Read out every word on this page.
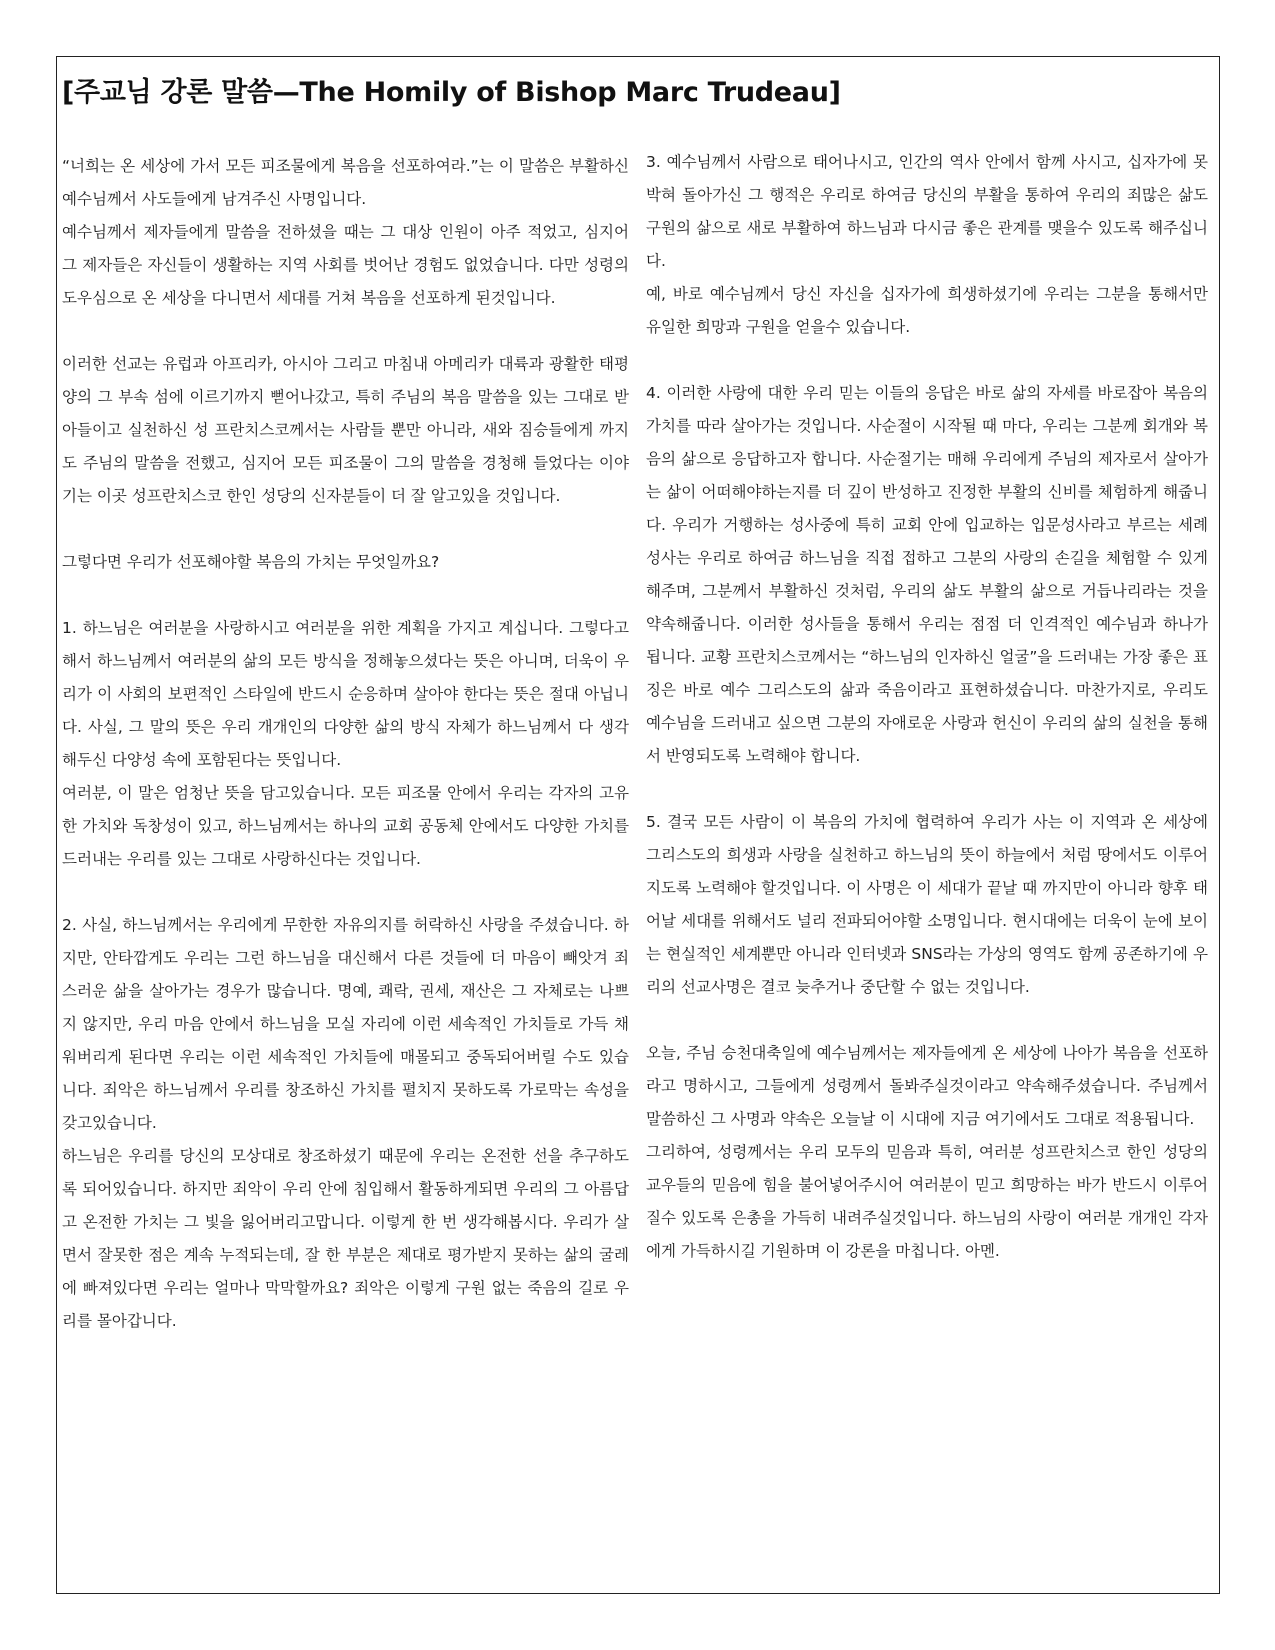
[주교님 강론 말씀—The Homily of Bishop Marc Trudeau]

“너희는 온 세상에 가서 모든 피조물에게 복음을 선포하여라.”는 이 말씀은 부활하신 예수님께서 사도들에게 남겨주신 사명입니다.

예수님께서 제자들에게 말씀을 전하셨을 때는 그 대상 인원이 아주 적었고, 심지어 그 제자들은 자신들이 생활하는 지역 사회를 벗어난 경험도 없었습니다. 다만 성령의 도우심으로 온 세상을 다니면서 세대를 거쳐 복음을 선포하게 된것입니다.

이러한 선교는 유럽과 아프리카, 아시아 그리고 마침내 아메리카 대륙과 광활한 태평양의 그 부속 섬에 이르기까지 뻗어나갔고, 특히 주님의 복음 말씀을 있는 그대로 받아들이고 실천하신 성 프란치스코께서는 사람들 뿐만 아니라, 새와 짐승들에게 까지도 주님의 말씀을 전했고, 심지어 모든 피조물이 그의 말씀을 경청해 들었다는 이야기는 이곳 성프란치스코 한인 성당의 신자분들이 더 잘 알고있을 것입니다.

그렇다면 우리가 선포해야할 복음의 가치는 무엇일까요?

1. 하느님은 여러분을 사랑하시고 여러분을 위한 계획을 가지고 계십니다. 그렇다고해서 하느님께서 여러분의 삶의 모든 방식을 정해놓으셨다는 뜻은 아니며, 더욱이 우리가 이 사회의 보편적인 스타일에 반드시 순응하며 살아야 한다는 뜻은 절대 아닙니다. 사실, 그 말의 뜻은 우리 개개인의 다양한 삶의 방식 자체가 하느님께서 다 생각해두신 다양성 속에 포함된다는 뜻입니다.

여러분, 이 말은 엄청난 뜻을 담고있습니다. 모든 피조물 안에서 우리는 각자의 고유한 가치와 독창성이 있고, 하느님께서는 하나의 교회 공동체 안에서도 다양한 가치를 드러내는 우리를 있는 그대로 사랑하신다는 것입니다.

2. 사실, 하느님께서는 우리에게 무한한 자유의지를 허락하신 사랑을 주셨습니다. 하지만, 안타깝게도 우리는 그런 하느님을 대신해서 다른 것들에 더 마음이 빼앗겨 죄스러운 삶을 살아가는 경우가 많습니다. 명예, 쾌락, 권세, 재산은 그 자체로는 나쁘지 않지만, 우리 마음 안에서 하느님을 모실 자리에 이런 세속적인 가치들로 가득 채워버리게 된다면 우리는 이런 세속적인 가치들에 매몰되고 중독되어버릴 수도 있습니다. 죄악은 하느님께서 우리를 창조하신 가치를 펼치지 못하도록 가로막는 속성을 갖고있습니다.

하느님은 우리를 당신의 모상대로 창조하셨기 때문에 우리는 온전한 선을 추구하도록 되어있습니다. 하지만 죄악이 우리 안에 침입해서 활동하게되면 우리의 그 아름답고 온전한 가치는 그 빛을 잃어버리고맙니다. 이렇게 한 번 생각해봅시다. 우리가 살면서 잘못한 점은 계속 누적되는데, 잘 한 부분은 제대로 평가받지 못하는 삶의 굴레에 빠져있다면 우리는 얼마나 막막할까요? 죄악은 이렇게 구원 없는 죽음의 길로 우리를 몰아갑니다.

3. 예수님께서 사람으로 태어나시고, 인간의 역사 안에서 함께 사시고, 십자가에 못박혀 돌아가신 그 행적은 우리로 하여금 당신의 부활을 통하여 우리의 죄많은 삶도 구원의 삶으로 새로 부활하여 하느님과 다시금 좋은 관계를 맺을수 있도록 해주십니다.

예, 바로 예수님께서 당신 자신을 십자가에 희생하셨기에 우리는 그분을 통해서만 유일한 희망과 구원을 얻을수 있습니다.

4. 이러한 사랑에 대한 우리 믿는 이들의 응답은 바로 삶의 자세를 바로잡아 복음의 가치를 따라 살아가는 것입니다. 사순절이 시작될 때 마다, 우리는 그분께 회개와 복음의 삶으로 응답하고자 합니다. 사순절기는 매해 우리에게 주님의 제자로서 살아가는 삶이 어떠해야하는지를 더 깊이 반성하고 진정한 부활의 신비를 체험하게 해줍니다. 우리가 거행하는 성사중에 특히 교회 안에 입교하는 입문성사라고 부르는 세례성사는 우리로 하여금 하느님을 직접 접하고 그분의 사랑의 손길을 체험할 수 있게 해주며, 그분께서 부활하신 것처럼, 우리의 삶도 부활의 삶으로 거듭나리라는 것을 약속해줍니다. 이러한 성사들을 통해서 우리는 점점 더 인격적인 예수님과 하나가 됩니다. 교황 프란치스코께서는 “하느님의 인자하신 얼굴”을 드러내는 가장 좋은 표징은 바로 예수 그리스도의 삶과 죽음이라고 표현하셨습니다. 마찬가지로, 우리도 예수님을 드러내고 싶으면 그분의 자애로운 사랑과 헌신이 우리의 삶의 실천을 통해서 반영되도록 노력해야 합니다.

5. 결국 모든 사람이 이 복음의 가치에 협력하여 우리가 사는 이 지역과 온 세상에 그리스도의 희생과 사랑을 실천하고 하느님의 뜻이 하늘에서 처럼 땅에서도 이루어지도록 노력해야 할것입니다. 이 사명은 이 세대가 끝날 때 까지만이 아니라 향후 태어날 세대를 위해서도 널리 전파되어야할 소명입니다. 현시대에는 더욱이 눈에 보이는 현실적인 세계뿐만 아니라 인터넷과 SNS라는 가상의 영역도 함께 공존하기에 우리의 선교사명은 결코 늦추거나 중단할 수 없는 것입니다.

오늘, 주님 승천대축일에 예수님께서는 제자들에게 온 세상에 나아가 복음을 선포하라고 명하시고, 그들에게 성령께서 돌봐주실것이라고 약속해주셨습니다. 주님께서 말씀하신 그 사명과 약속은 오늘날 이 시대에 지금 여기에서도 그대로 적용됩니다.

그리하여, 성령께서는 우리 모두의 믿음과 특히, 여러분 성프란치스코 한인 성당의 교우들의 믿음에 힘을 불어넣어주시어 여러분이 믿고 희망하는 바가 반드시 이루어질수 있도록 은총을 가득히 내려주실것입니다. 하느님의 사랑이 여러분 개개인 각자에게 가득하시길 기원하며 이 강론을 마칩니다. 아멘.
